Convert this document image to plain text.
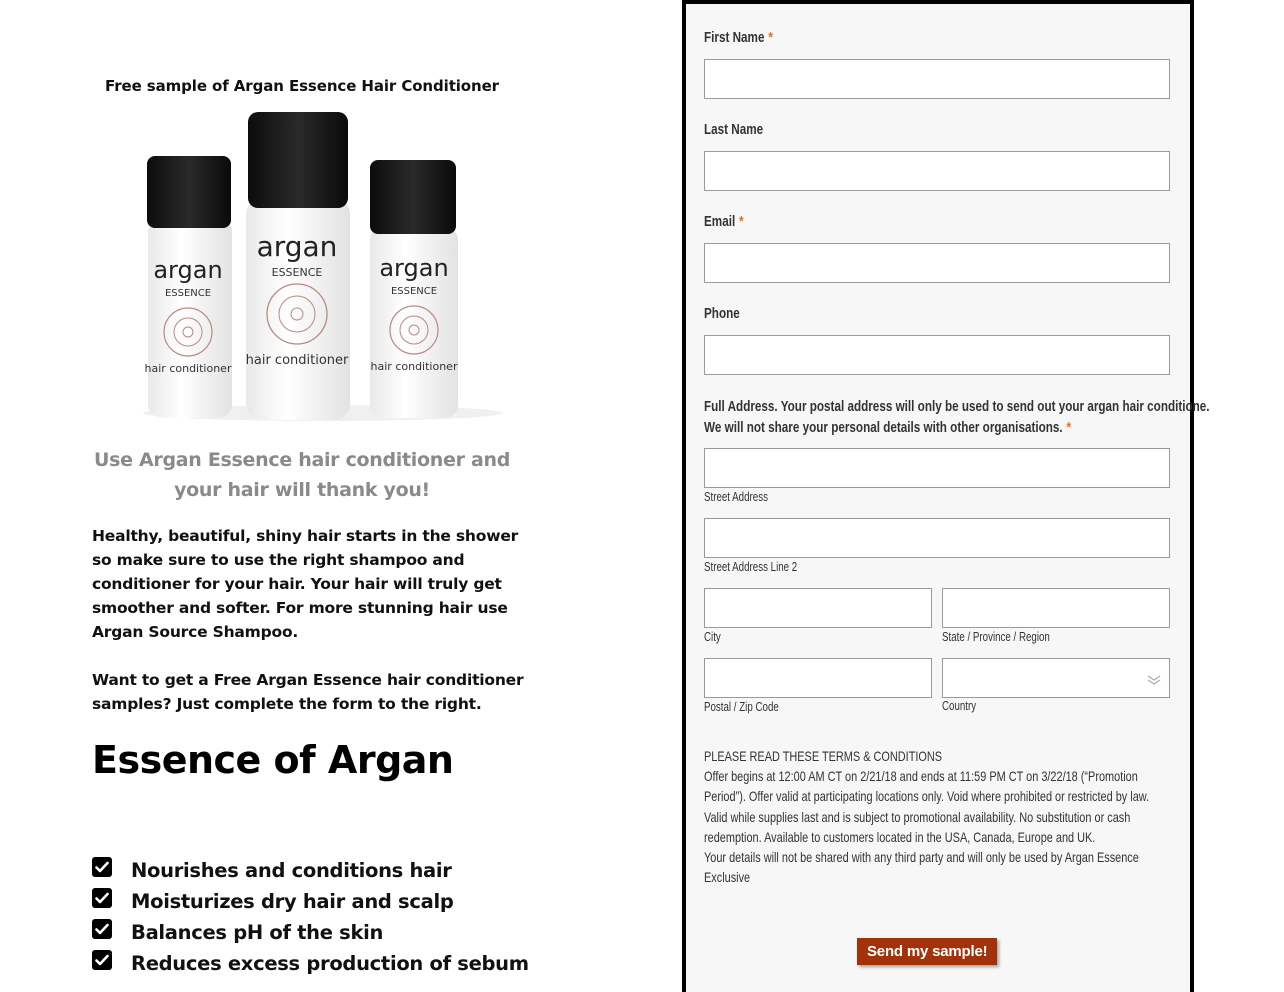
Free sample of Argan Essence Hair Conditioner
argan
ESSENCE
hair conditioner
argan
ESSENCE
hair conditioner
argan
ESSENCE
hair conditioner
Use Argan Essence hair conditioner and your hair will thank you!

Healthy, beautiful, shiny hair starts in the shower so make sure to use the right shampoo and conditioner for your hair. Your hair will truly get smoother and softer. For more stunning hair use Argan Source Shampoo.

Want to get a Free Argan Essence hair conditioner samples? Just complete the form to the right.

Essence of Argan
Nourishes and conditions hair
Moisturizes dry hair and scalp
Balances pH of the skin
Reduces excess production of sebum
First Name *
Last Name
Email *
Phone
Full Address. Your postal address will only be used to send out your argan hair conditione.
We will not share your personal details with other organisations. *
Street Address
Street Address Line 2
City	State / Province / Region
Postal / Zip Code	Country
PLEASE READ THESE TERMS & CONDITIONS
Offer begins at 12:00 AM CT on 2/21/18 and ends at 11:59 PM CT on 3/22/18 (“Promotion
Period”). Offer valid at participating locations only. Void where prohibited or restricted by law.
Valid while supplies last and is subject to promotional availability. No substitution or cash
redemption. Available to customers located in the USA, Canada, Europe and UK.
Your details will not be shared with any third party and will only be used by Argan Essence
Exclusive
Send my sample!
